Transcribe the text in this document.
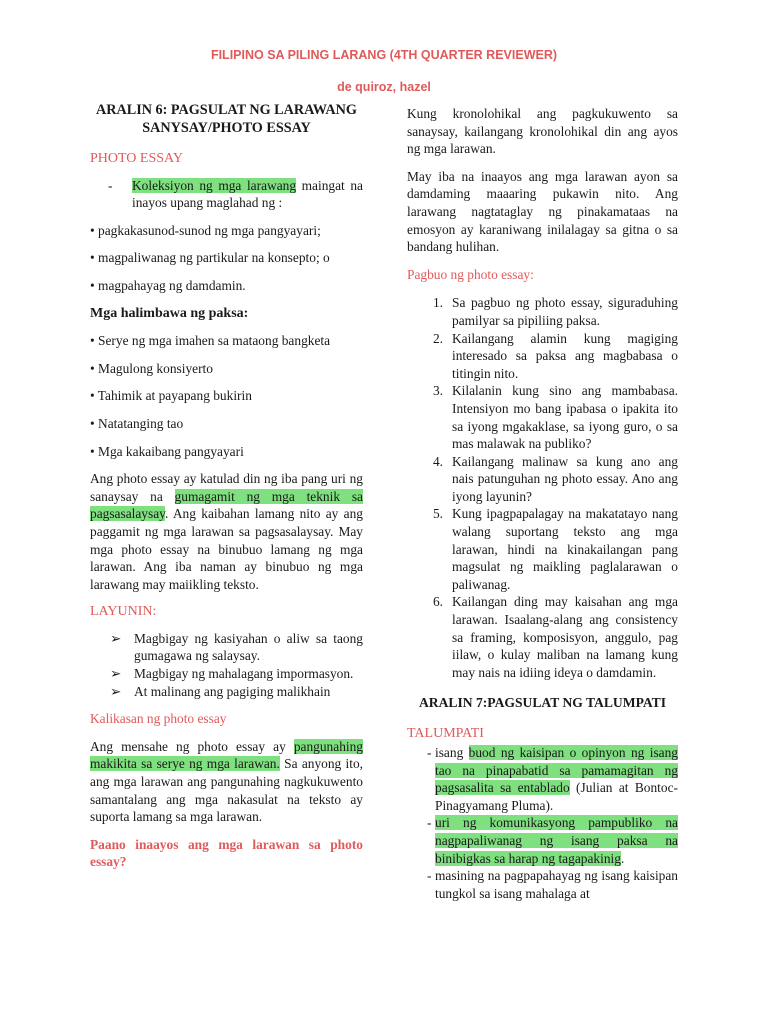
FILIPINO SA PILING LARANG (4TH QUARTER REVIEWER)
de quiroz, hazel
ARALIN 6: PAGSULAT NG LARAWANG
SANYSAY/PHOTO ESSAY
PHOTO ESSAY
-	Koleksiyon ng mga larawang maingat na inayos upang maglahad ng :
• pagkakasunod-sunod ng mga pangyayari;
• magpaliwanag ng partikular na konsepto; o
• magpahayag ng damdamin.
Mga halimbawa ng paksa:
• Serye ng mga imahen sa mataong bangketa
• Magulong konsiyerto
• Tahimik at payapang bukirin
• Natatanging tao
• Mga kakaibang pangyayari

Ang photo essay ay katulad din ng iba pang uri ng sanaysay na gumagamit ng mga teknik sa pagsasalaysay. Ang kaibahan lamang nito ay ang paggamit ng mga larawan sa pagsasalaysay. May mga photo essay na binubuo lamang ng mga larawan. Ang iba naman ay binubuo ng mga larawang may maiikling teksto.

LAYUNIN:
➢ Magbigay ng kasiyahan o aliw sa taong gumagawa ng salaysay.
➢ Magbigay ng mahalagang impormasyon.
➢ At malinang ang pagiging malikhain
Kalikasan ng photo essay

Ang mensahe ng photo essay ay pangunahing makikita sa serye ng mga larawan. Sa anyong ito, ang mga larawan ang pangunahing nagkukuwento samantalang ang mga nakasulat na teksto ay suporta lamang sa mga larawan.

Paano inaayos ang mga larawan sa photo essay?

Kung kronolohikal ang pagkukuwento sa sanaysay, kailangang kronolohikal din ang ayos ng mga larawan.

May iba na inaayos ang mga larawan ayon sa damdaming maaaring pukawin nito. Ang larawang nagtataglay ng pinakamataas na emosyon ay karaniwang inilalagay sa gitna o sa bandang hulihan.

Pagbuo ng photo essay:
1. Sa pagbuo ng photo essay, siguraduhing pamilyar sa pipiliing paksa.
2. Kailangang alamin kung magiging interesado sa paksa ang magbabasa o titingin nito.
3. Kilalanin kung sino ang mambabasa. Intensiyon mo bang ipabasa o ipakita ito sa iyong mgakaklase, sa iyong guro, o sa mas malawak na publiko?
4. Kailangang malinaw sa kung ano ang nais patunguhan ng photo essay. Ano ang iyong layunin?
5. Kung ipagpapalagay na makatatayo nang walang suportang teksto ang mga larawan, hindi na kinakailangan pang magsulat ng maikling paglalarawan o paliwanag.
6. Kailangan ding may kaisahan ang mga larawan. Isaalang-alang ang consistency sa framing, komposisyon, anggulo, pag iilaw, o kulay maliban na lamang kung may nais na idiing ideya o damdamin.
ARALIN 7:PAGSULAT NG TALUMPATI
TALUMPATI
- isang buod ng kaisipan o opinyon ng isang tao na pinapabatid sa pamamagitan ng pagsasalita sa entablado (Julian at Bontoc-Pinagyamang Pluma).
- uri ng komunikasyong pampubliko na nagpapaliwanag ng isang paksa na binibigkas sa harap ng tagapakinig.
- masining na pagpapahayag ng isang kaisipan tungkol sa isang mahalaga at
